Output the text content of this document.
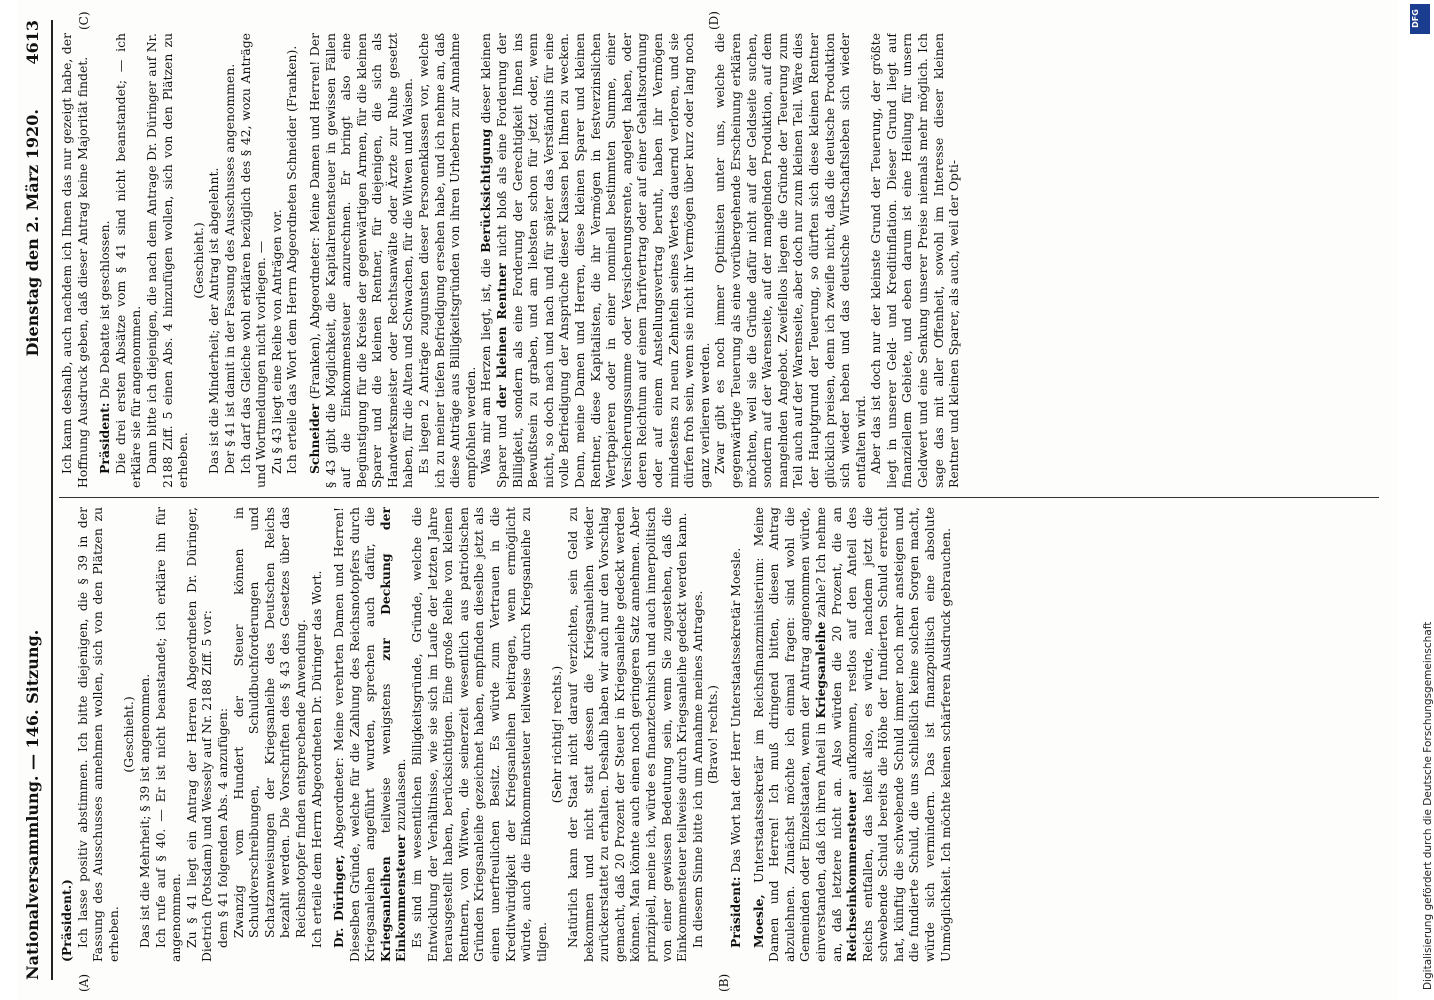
Nationalversammlung. — 146. Sitzung.
Dienstag den 2. März 1920.        4613
(A)	(B)
(C)	(D)

(Präsident.) Ich lasse positiv abstimmen. Ich bitte diejenigen, die § 39 in der Fassung des Ausschusses annehmen wollen, sich von den Plätzen zu erheben.

(Geschieht.) Das ist die Mehrheit; § 39 ist angenommen. Ich rufe auf § 40. — Er ist nicht beanstandet; ich erkläre ihn für angenommen. Zu § 41 liegt ein Antrag der Herren Abgeordneten Dr. Düringer, Dietrich (Potsdam) und Wessely auf Nr. 2188 Ziff. 5 vor: dem § 41 folgenden Abs. 4 anzufügen: Zwanzig vom Hundert der Steuer können in Schuldverschreibungen, Schuldbuchforderungen und Schatzanweisungen der Kriegsanleihe des Deutschen Reichs bezahlt werden. Die Vorschriften des § 43 des Gesetzes über das Reichsnotopfer finden entsprechende Anwendung. Ich erteile dem Herrn Abgeordneten Dr. Düringer das Wort. Dr. Düringer, Abgeordneter: Meine verehrten Damen und Herren! Dieselben Gründe, welche für die Zahlung des Reichsnotopfers durch Kriegsanleihen angeführt wurden, sprechen auch dafür, die Kriegsanleihen teilweise wenigstens zur Deckung der Einkommensteuer zuzulassen. Es sind im wesentlichen Billigkeitsgründe, Gründe, welche die Entwicklung der Verhältnisse, wie sie sich im Laufe der letzten Jahre herausgestellt haben, berücksichtigen. Eine große Reihe von kleinen Rentnern, von Witwen, die seinerzeit wesentlich aus patriotischen Gründen Kriegsanleihe gezeichnet haben, empfinden dieselbe jetzt als einen unerfreulichen Besitz. Es würde zum Vertrauen in die Kreditwürdigkeit der Kriegsanleihen beitragen, wenn ermöglicht würde, auch die Einkommensteuer teilweise durch Kriegsanleihe zu tilgen.

(Sehr richtig! rechts.) Natürlich kann der Staat nicht darauf verzichten, sein Geld zu bekommen und nicht statt dessen die Kriegsanleihen wieder zurückerstattet zu erhalten. Deshalb haben wir auch nur den Vorschlag gemacht, daß 20 Prozent der Steuer in Kriegsanleihe gedeckt werden können. Man könnte auch einen noch geringeren Satz annehmen. Aber prinzipiell, meine ich, würde es finanztechnisch und auch innerpolitisch von einer gewissen Bedeutung sein, wenn Sie zugestehen, daß die Einkommensteuer teilweise durch Kriegsanleihe gedeckt werden kann. In diesem Sinne bitte ich um Annahme meines Antrages. (Bravo! rechts.)

Präsident: Das Wort hat der Herr Unterstaatssekretär Moesle.

Moesle, Unterstaatssekretär im Reichsfinanzministerium: Meine Damen und Herren! Ich muß dringend bitten, diesen Antrag abzulehnen. Zunächst möchte ich einmal fragen: sind wohl die Gemeinden oder Einzelstaaten, wenn der Antrag angenommen würde, einverstanden, daß ich ihren Anteil in Kriegsanleihe zahle? Ich nehme an, daß letztere nicht an. Also würden die 20 Prozent, die an Reichseinkommensteuer aufkommen, restlos auf den Anteil des Reichs entfallen, das heißt also, es würde, nachdem jetzt die schwebende Schuld bereits die Höhe der fundierten Schuld erreicht hat, künftig die schwebende Schuld immer noch mehr ansteigen und die fundierte Schuld, die uns schließlich keine solchen Sorgen macht, würde sich vermindern. Das ist finanzpolitisch eine absolute Unmöglichkeit. Ich möchte keinen schärferen Ausdruck gebrauchen.

Ich kann deshalb, auch nachdem ich Ihnen das nur gezeigt habe, der Hoffnung Ausdruck geben, daß dieser Antrag keine Majorität findet. Präsident: Die Debatte ist geschlossen. Die drei ersten Absätze vom § 41 sind nicht beanstandet; — ich erkläre sie für angenommen. Dann bitte ich diejenigen, die nach dem Antrage Dr. Düringer auf Nr. 2188 Ziff. 5 einen Abs. 4 hinzufügen wollen, sich von den Plätzen zu erheben.

(Geschieht.) Das ist die Minderheit; der Antrag ist abgelehnt. Der § 41 ist damit in der Fassung des Ausschusses angenommen. Ich darf das Gleiche wohl erklären bezüglich des § 42, wozu Anträge und Wortmeldungen nicht vorliegen. — Zu § 43 liegt eine Reihe von Anträgen vor. Ich erteile das Wort dem Herrn Abgeordneten Schneider (Franken). Schneider (Franken), Abgeordneter: Meine Damen und Herren! Der § 43 gibt die Möglichkeit, die Kapitalrentensteuer in gewissen Fällen auf die Einkommensteuer anzurechnen. Er bringt also eine Begünstigung für die Kreise der gegenwärtigen Armen, für die kleinen Sparer und die kleinen Rentner, für diejenigen, die sich als Handwerksmeister oder Rechtsanwälte oder Ärzte zur Ruhe gesetzt haben, für die Alten und Schwachen, für die Witwen und Waisen. Es liegen 2 Anträge zugunsten dieser Personenklassen vor, welche ich zu meiner tiefen Befriedigung ersehen habe, und ich nehme an, daß diese Anträge aus Billigkeitsgründen von ihren Urhebern zur Annahme empfohlen werden. Was mir am Herzen liegt, ist, die Berücksichtigung dieser kleinen Sparer und der kleinen Rentner nicht bloß als eine Forderung der Billigkeit, sondern als eine Forderung der Gerechtigkeit Ihnen ins Bewußtsein zu graben, und am liebsten schon für jetzt oder, wenn nicht, so doch nach und nach und für später das Verständnis für eine volle Befriedigung der Ansprüche dieser Klassen bei Ihnen zu wecken. Denn, meine Damen und Herren, diese kleinen Sparer und kleinen Rentner, diese Kapitalisten, die ihr Vermögen in festverzinslichen Wertpapieren oder in einer nominell bestimmten Summe, einer Versicherungssumme oder Versicherungsrente, angelegt haben, oder deren Reichtum auf einem Tarifvertrag oder auf einer Gehaltsordnung oder auf einem Anstellungsvertrag beruht, haben ihr Vermögen mindestens zu neun Zehnteln seines Wertes dauernd verloren, und sie dürfen froh sein, wenn sie nicht ihr Vermögen über kurz oder lang noch ganz verlieren werden. Zwar gibt es noch immer Optimisten unter uns, welche die gegenwärtige Teuerung als eine vorübergehende Erscheinung erklären möchten, weil sie die Gründe dafür nicht auf der Geldseite suchen, sondern auf der Warenseite, auf der mangelnden Produktion, auf dem mangelnden Angebot. Zweifellos liegen die Gründe der Teuerung zum Teil auch auf der Warenseite, aber doch nur zum kleinen Teil. Wäre dies der Hauptgrund der Teuerung, so dürften sich diese kleinen Rentner glücklich preisen, denn ich zweifle nicht, daß die deutsche Produktion sich wieder heben und das deutsche Wirtschaftsleben sich wieder entfalten wird. Aber das ist doch nur der kleinste Grund der Teuerung, der größte liegt in unserer Geld- und Kreditinflation. Dieser Grund liegt auf finanziellem Gebiete, und eben darum ist eine Heilung für unsern Geldwert und eine Senkung unserer Preise niemals mehr möglich. Ich sage das mit aller Offenheit, sowohl im Interesse dieser kleinen Rentner und kleinen Sparer, als auch, weil der Opti-

DFG
Digitalisierung gefördert durch die Deutsche Forschungsgemeinschaft
